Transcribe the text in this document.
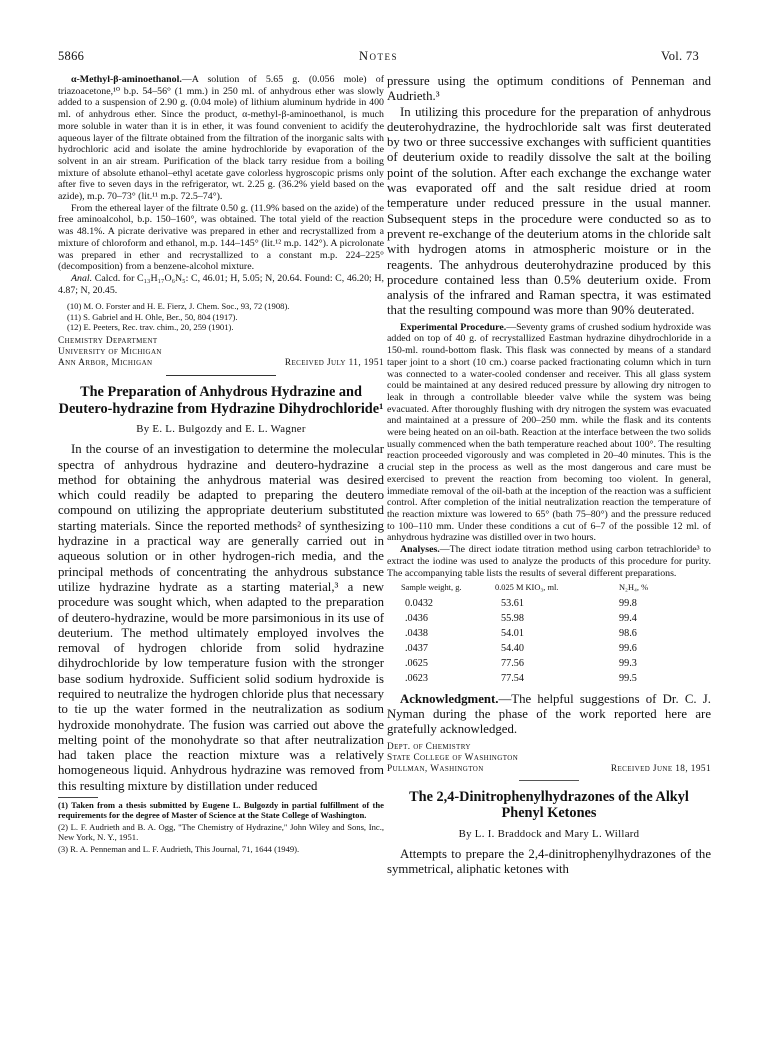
5866	Notes	Vol. 73

α-Methyl-β-aminoethanol.—A solution of 5.65 g. (0.056 mole) of triazoacetone,¹⁰ b.p. 54–56° (1 mm.) in 250 ml. of anhydrous ether was slowly added to a suspension of 2.90 g. (0.04 mole) of lithium aluminum hydride in 400 ml. of anhydrous ether. Since the product, α-methyl-β-aminoethanol, is much more soluble in water than it is in ether, it was found convenient to acidify the aqueous layer of the filtrate obtained from the filtration of the inorganic salts with hydrochloric acid and isolate the amine hydrochloride by evaporation of the solvent in an air stream. Purification of the black tarry residue from a boiling mixture of absolute ethanol–ethyl acetate gave colorless hygroscopic prisms only after five to seven days in the refrigerator, wt. 2.25 g. (36.2% yield based on the azide), m.p. 70–73° (lit.¹¹ m.p. 72.5–74°).

From the ethereal layer of the filtrate 0.50 g. (11.9% based on the azide) of the free aminoalcohol, b.p. 150–160°, was obtained. The total yield of the reaction was 48.1%. A picrate derivative was prepared in ether and recrystallized from a mixture of chloroform and ethanol, m.p. 144–145° (lit.¹² m.p. 142°). A picrolonate was prepared in ether and recrystallized to a constant m.p. 224–225° (decomposition) from a benzene-alcohol mixture.

Anal. Calcd. for C₁₃H₁₇O₆N₅: C, 46.01; H, 5.05; N, 20.64. Found: C, 46.20; H, 4.87; N, 20.45.

(10) M. O. Forster and H. E. Fierz, J. Chem. Soc., 93, 72 (1908).
(11) S. Gabriel and H. Ohle, Ber., 50, 804 (1917).
(12) E. Peeters, Rec. trav. chim., 20, 259 (1901).
Chemistry Department
University of Michigan
Ann Arbor, Michigan	Received July 11, 1951
The Preparation of Anhydrous Hydrazine and Deutero-hydrazine from Hydrazine Dihydrochloride¹
By E. L. Bulgozdy and E. L. Wagner

In the course of an investigation to determine the molecular spectra of anhydrous hydrazine and deutero-hydrazine a method for obtaining the anhydrous material was desired which could readily be adapted to preparing the deutero compound on utilizing the appropriate deuterium substituted starting materials. Since the reported methods² of synthesizing hydrazine in a practical way are generally carried out in aqueous solution or in other hydrogen-rich media, and the principal methods of concentrating the anhydrous substance utilize hydrazine hydrate as a starting material,³ a new procedure was sought which, when adapted to the preparation of deutero-hydrazine, would be more parsimonious in its use of deuterium. The method ultimately employed involves the removal of hydrogen chloride from solid hydrazine dihydrochloride by low temperature fusion with the stronger base sodium hydroxide. Sufficient solid sodium hydroxide is required to neutralize the hydrogen chloride plus that necessary to tie up the water formed in the neutralization as sodium hydroxide monohydrate. The fusion was carried out above the melting point of the monohydrate so that after neutralization had taken place the reaction mixture was a relatively homogeneous liquid. Anhydrous hydrazine was removed from this resulting mixture by distillation under reduced

(1) Taken from a thesis submitted by Eugene L. Bulgozdy in partial fulfillment of the requirements for the degree of Master of Science at the State College of Washington.
(2) L. F. Audrieth and B. A. Ogg, "The Chemistry of Hydrazine," John Wiley and Sons, Inc., New York, N. Y., 1951.
(3) R. A. Penneman and L. F. Audrieth, This Journal, 71, 1644 (1949).

pressure using the optimum conditions of Penneman and Audrieth.³

In utilizing this procedure for the preparation of anhydrous deuterohydrazine, the hydrochloride salt was first deuterated by two or three successive exchanges with sufficient quantities of deuterium oxide to readily dissolve the salt at the boiling point of the solution. After each exchange the exchange water was evaporated off and the salt residue dried at room temperature under reduced pressure in the usual manner. Subsequent steps in the procedure were conducted so as to prevent re-exchange of the deuterium atoms in the chloride salt with hydrogen atoms in atmospheric moisture or in the reagents. The anhydrous deuterohydrazine produced by this procedure contained less than 0.5% deuterium oxide. From analysis of the infrared and Raman spectra, it was estimated that the resulting compound was more than 90% deuterated.

Experimental Procedure.—Seventy grams of crushed sodium hydroxide was added on top of 40 g. of recrystallized Eastman hydrazine dihydrochloride in a 150-ml. round-bottom flask. This flask was connected by means of a standard taper joint to a short (10 cm.) coarse packed fractionating column which in turn was connected to a water-cooled condenser and receiver. This all glass system could be maintained at any desired reduced pressure by allowing dry nitrogen to leak in through a controllable bleeder valve while the system was being evacuated. After thoroughly flushing with dry nitrogen the system was evacuated and maintained at a pressure of 200–250 mm. while the flask and its contents were being heated on an oil-bath. Reaction at the interface between the two solids usually commenced when the bath temperature reached about 100°. The resulting reaction proceeded vigorously and was completed in 20–40 minutes. This is the crucial step in the process as well as the most dangerous and care must be exercised to prevent the reaction from becoming too violent. In general, immediate removal of the oil-bath at the inception of the reaction was a sufficient control. After completion of the initial neutralization reaction the temperature of the reaction mixture was lowered to 65° (bath 75–80°) and the pressure reduced to 100–110 mm. Under these conditions a cut of 6–7 of the possible 12 ml. of anhydrous hydrazine was distilled over in two hours.

Analyses.—The direct iodate titration method using carbon tetrachloride³ to extract the iodine was used to analyze the products of this procedure for purity. The accompanying table lists the results of several different preparations.

Sample weight, g.	0.025 M KIO₃, ml.	N₂H₄, %
0.0432	53.61	99.8
.0436	55.98	99.4
.0438	54.01	98.6
.0437	54.40	99.6
.0625	77.56	99.3
.0623	77.54	99.5

Acknowledgment.—The helpful suggestions of Dr. C. J. Nyman during the phase of the work reported here are gratefully acknowledged.

Dept. of Chemistry
State College of Washington
Pullman, Washington	Received June 18, 1951
The 2,4-Dinitrophenylhydrazones of the Alkyl Phenyl Ketones
By L. I. Braddock and Mary L. Willard

Attempts to prepare the 2,4-dinitrophenylhydrazones of the symmetrical, aliphatic ketones with
